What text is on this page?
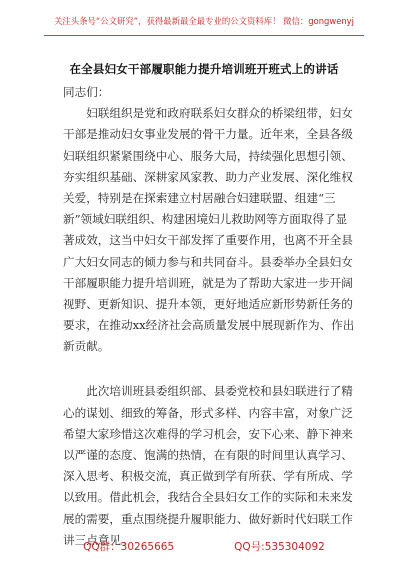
关注头条号“公文研究”，获得最新最全最专业的公文资料库！ 微信：gongwenyj
在全县妇女干部履职能力提升培训班开班式上的讲话
同志们：
　　妇联组织是党和政府联系妇女群众的桥梁纽带，妇女
干部是推动妇女事业发展的骨干力量。近年来，全县各级
妇联组织紧紧围绕中心、服务大局，持续强化思想引领、
夯实组织基础、深耕家风家教、助力产业发展、深化维权
关爱，特别是在探索建立村居融合妇建联盟、组建“三
新”领域妇联组织、构建困境妇儿救助网等方面取得了显
著成效，这当中妇女干部发挥了重要作用，也离不开全县
广大妇女同志的倾力参与和共同奋斗。县委举办全县妇女
干部履职能力提升培训班，就是为了帮助大家进一步开阔
视野、更新知识、提升本领，更好地适应新形势新任务的
要求，在推动xx经济社会高质量发展中展现新作为、作出
新贡献。
　　此次培训班县委组织部、县委党校和县妇联进行了精
心的谋划、细致的筹备，形式多样、内容丰富，对象广泛
希望大家珍惜这次难得的学习机会，安下心来、静下神来
以严谨的态度、饱满的热情，在有限的时间里认真学习、
深入思考、积极交流，真正做到学有所获、学有所成、学
以致用。借此机会，我结合全县妇女工作的实际和未来发
展的需要，重点围绕提升履职能力、做好新时代妇联工作
讲三点意见。
QQ群：30265665	QQ号:535304092
